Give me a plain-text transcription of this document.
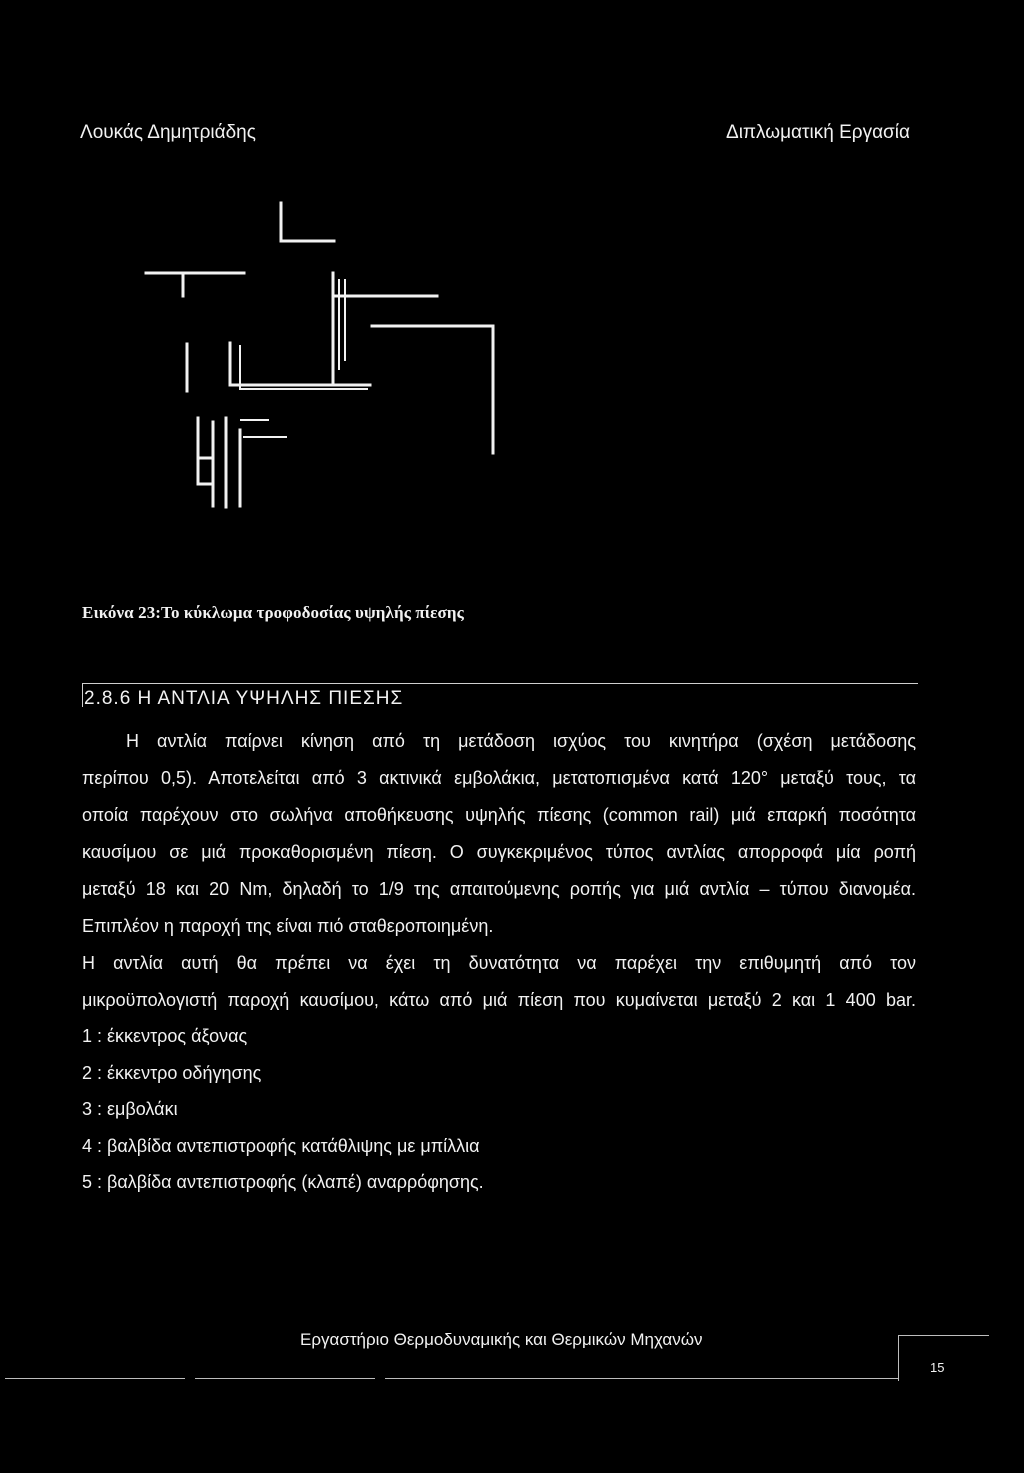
Λουκάς Δημητριάδης	Διπλωματική Εργασία
Εικόνα 23:Το κύκλωμα τροφοδοσίας υψηλής πίεσης
2.8.6 Η ΑΝΤΛΙΑ ΥΨΗΛΗΣ ΠΙΕΣΗΣ

Η αντλία παίρνει κίνηση από τη μετάδοση ισχύος του κινητήρα (σχέση μετάδοσης

περίπου 0,5). Αποτελείται από 3 ακτινικά εμβολάκια, μετατοπισμένα κατά 120° μεταξύ τους, τα

οποία παρέχουν στο σωλήνα αποθήκευσης υψηλής πίεσης (common rail) μιά επαρκή ποσότητα

καυσίμου σε μιά προκαθορισμένη πίεση. Ο συγκεκριμένος τύπος αντλίας απορροφά μία ροπή

μεταξύ 18 και 20 Nm, δηλαδή το 1/9 της απαιτούμενης ροπής για μιά αντλία – τύπου διανομέα.

Επιπλέον η παροχή της είναι πιό σταθεροποιημένη.

Η αντλία αυτή θα πρέπει να έχει τη δυνατότητα να παρέχει την επιθυμητή από τον

μικροϋπολογιστή παροχή καυσίμου, κάτω από μιά πίεση που κυμαίνεται μεταξύ 2 και 1 400 bar.

1 : έκκεντρος άξονας
2 : έκκεντρο οδήγησης
3 : εμβολάκι
4 : βαλβίδα αντεπιστροφής κατάθλιψης με μπίλλια
5 : βαλβίδα αντεπιστροφής (κλαπέ) αναρρόφησης.
Εργαστήριο Θερμοδυναμικής και Θερμικών Μηχανών
15
